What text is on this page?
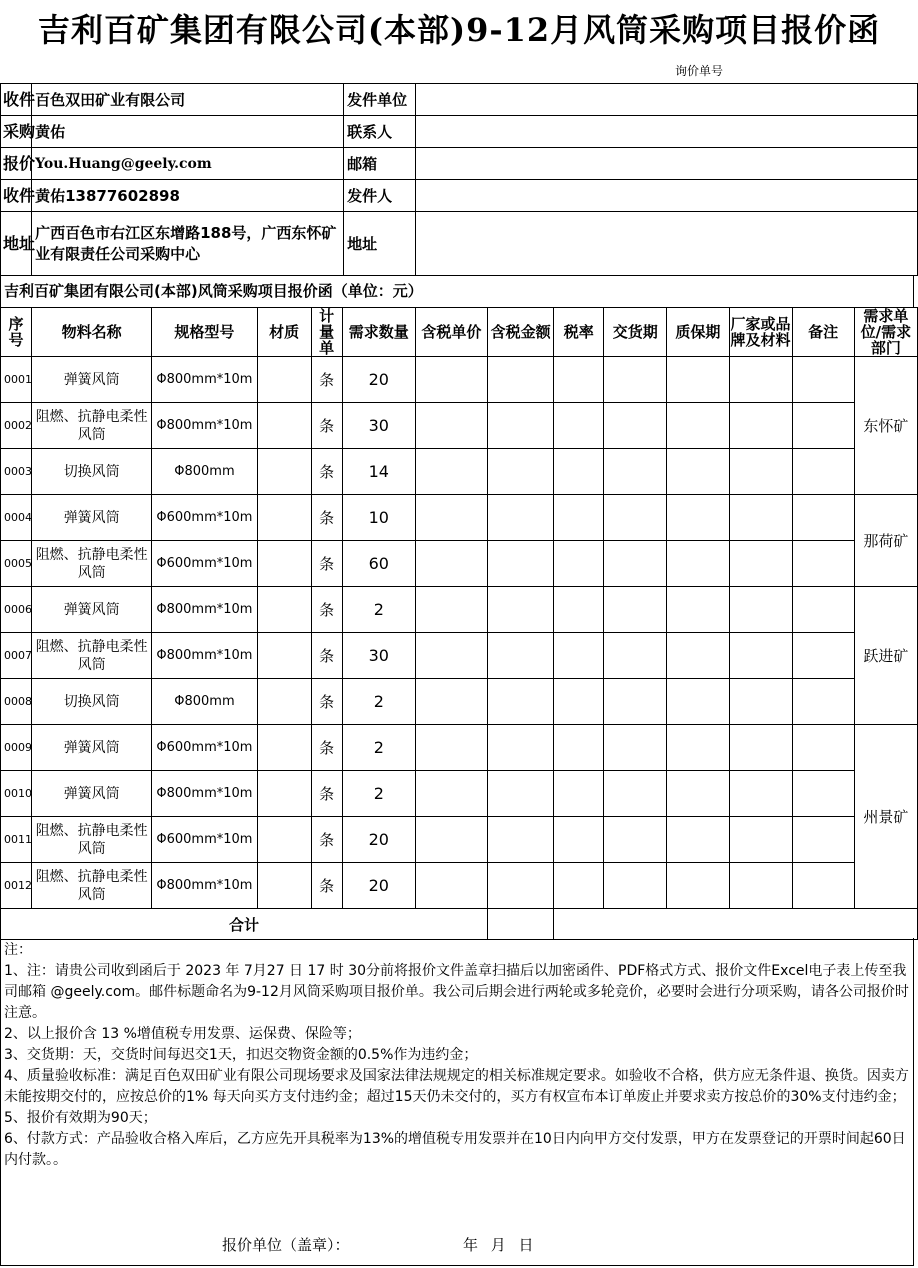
吉利百矿集团有限公司(本部)9-12月风筒采购项目报价函
询价单号
收件	百色双田矿业有限公司	发件单位	
采购	黄佑	联系人	
报价	You.Huang@geely.com	邮箱	
收件	黄佑13877602898	发件人	
地址	广西百色市右江区东增路188号，广西东怀矿业有限责任公司采购中心	地址	
吉利百矿集团有限公司(本部)风筒采购项目报价函（单位：元）
序号	物料名称	规格型号	材质	计量单	需求数量	含税单价	含税金额	税率	交货期	质保期	厂家或品牌及材料	备注	需求单位/需求部门
0001	弹簧风筒	Φ800mm*10m		条	20								东怀矿
0002	阻燃、抗静电柔性风筒	Φ800mm*10m		条	30								
0003	切换风筒	Φ800mm		条	14								
0004	弹簧风筒	Φ600mm*10m		条	10								那荷矿
0005	阻燃、抗静电柔性风筒	Φ600mm*10m		条	60								
0006	弹簧风筒	Φ800mm*10m		条	2								跃进矿
0007	阻燃、抗静电柔性风筒	Φ800mm*10m		条	30								
0008	切换风筒	Φ800mm		条	2								
0009	弹簧风筒	Φ600mm*10m		条	2								州景矿
0010	弹簧风筒	Φ800mm*10m		条	2								
0011	阻燃、抗静电柔性风筒	Φ600mm*10m		条	20								
0012	阻燃、抗静电柔性风筒	Φ800mm*10m		条	20								
合计													

注：

1、注：请贵公司收到函后于 2023 年 7月27 日 17 时 30分前将报价文件盖章扫描后以加密函件、PDF格式方式、报价文件Excel电子表上传至我司邮箱 @geely.com。邮件标题命名为9-12月风筒采购项目报价单。我公司后期会进行两轮或多轮竞价，必要时会进行分项采购，请各公司报价时注意。

2、以上报价含 13 %增值税专用发票、运保费、保险等；

3、交货期：天，交货时间每迟交1天，扣迟交物资金额的0.5%作为违约金；

4、质量验收标准：满足百色双田矿业有限公司现场要求及国家法律法规规定的相关标准规定要求。如验收不合格，供方应无条件退、换货。因卖方未能按期交付的，应按总价的1% 每天向买方支付违约金；超过15天仍未交付的，买方有权宣布本订单废止并要求卖方按总价的30%支付违约金；

5、报价有效期为90天；

6、付款方式：产品验收合格入库后，乙方应先开具税率为13%的增值税专用发票并在10日内向甲方交付发票，甲方在发票登记的开票时间起60日内付款。。

报价单位（盖章）：	年 月 日
